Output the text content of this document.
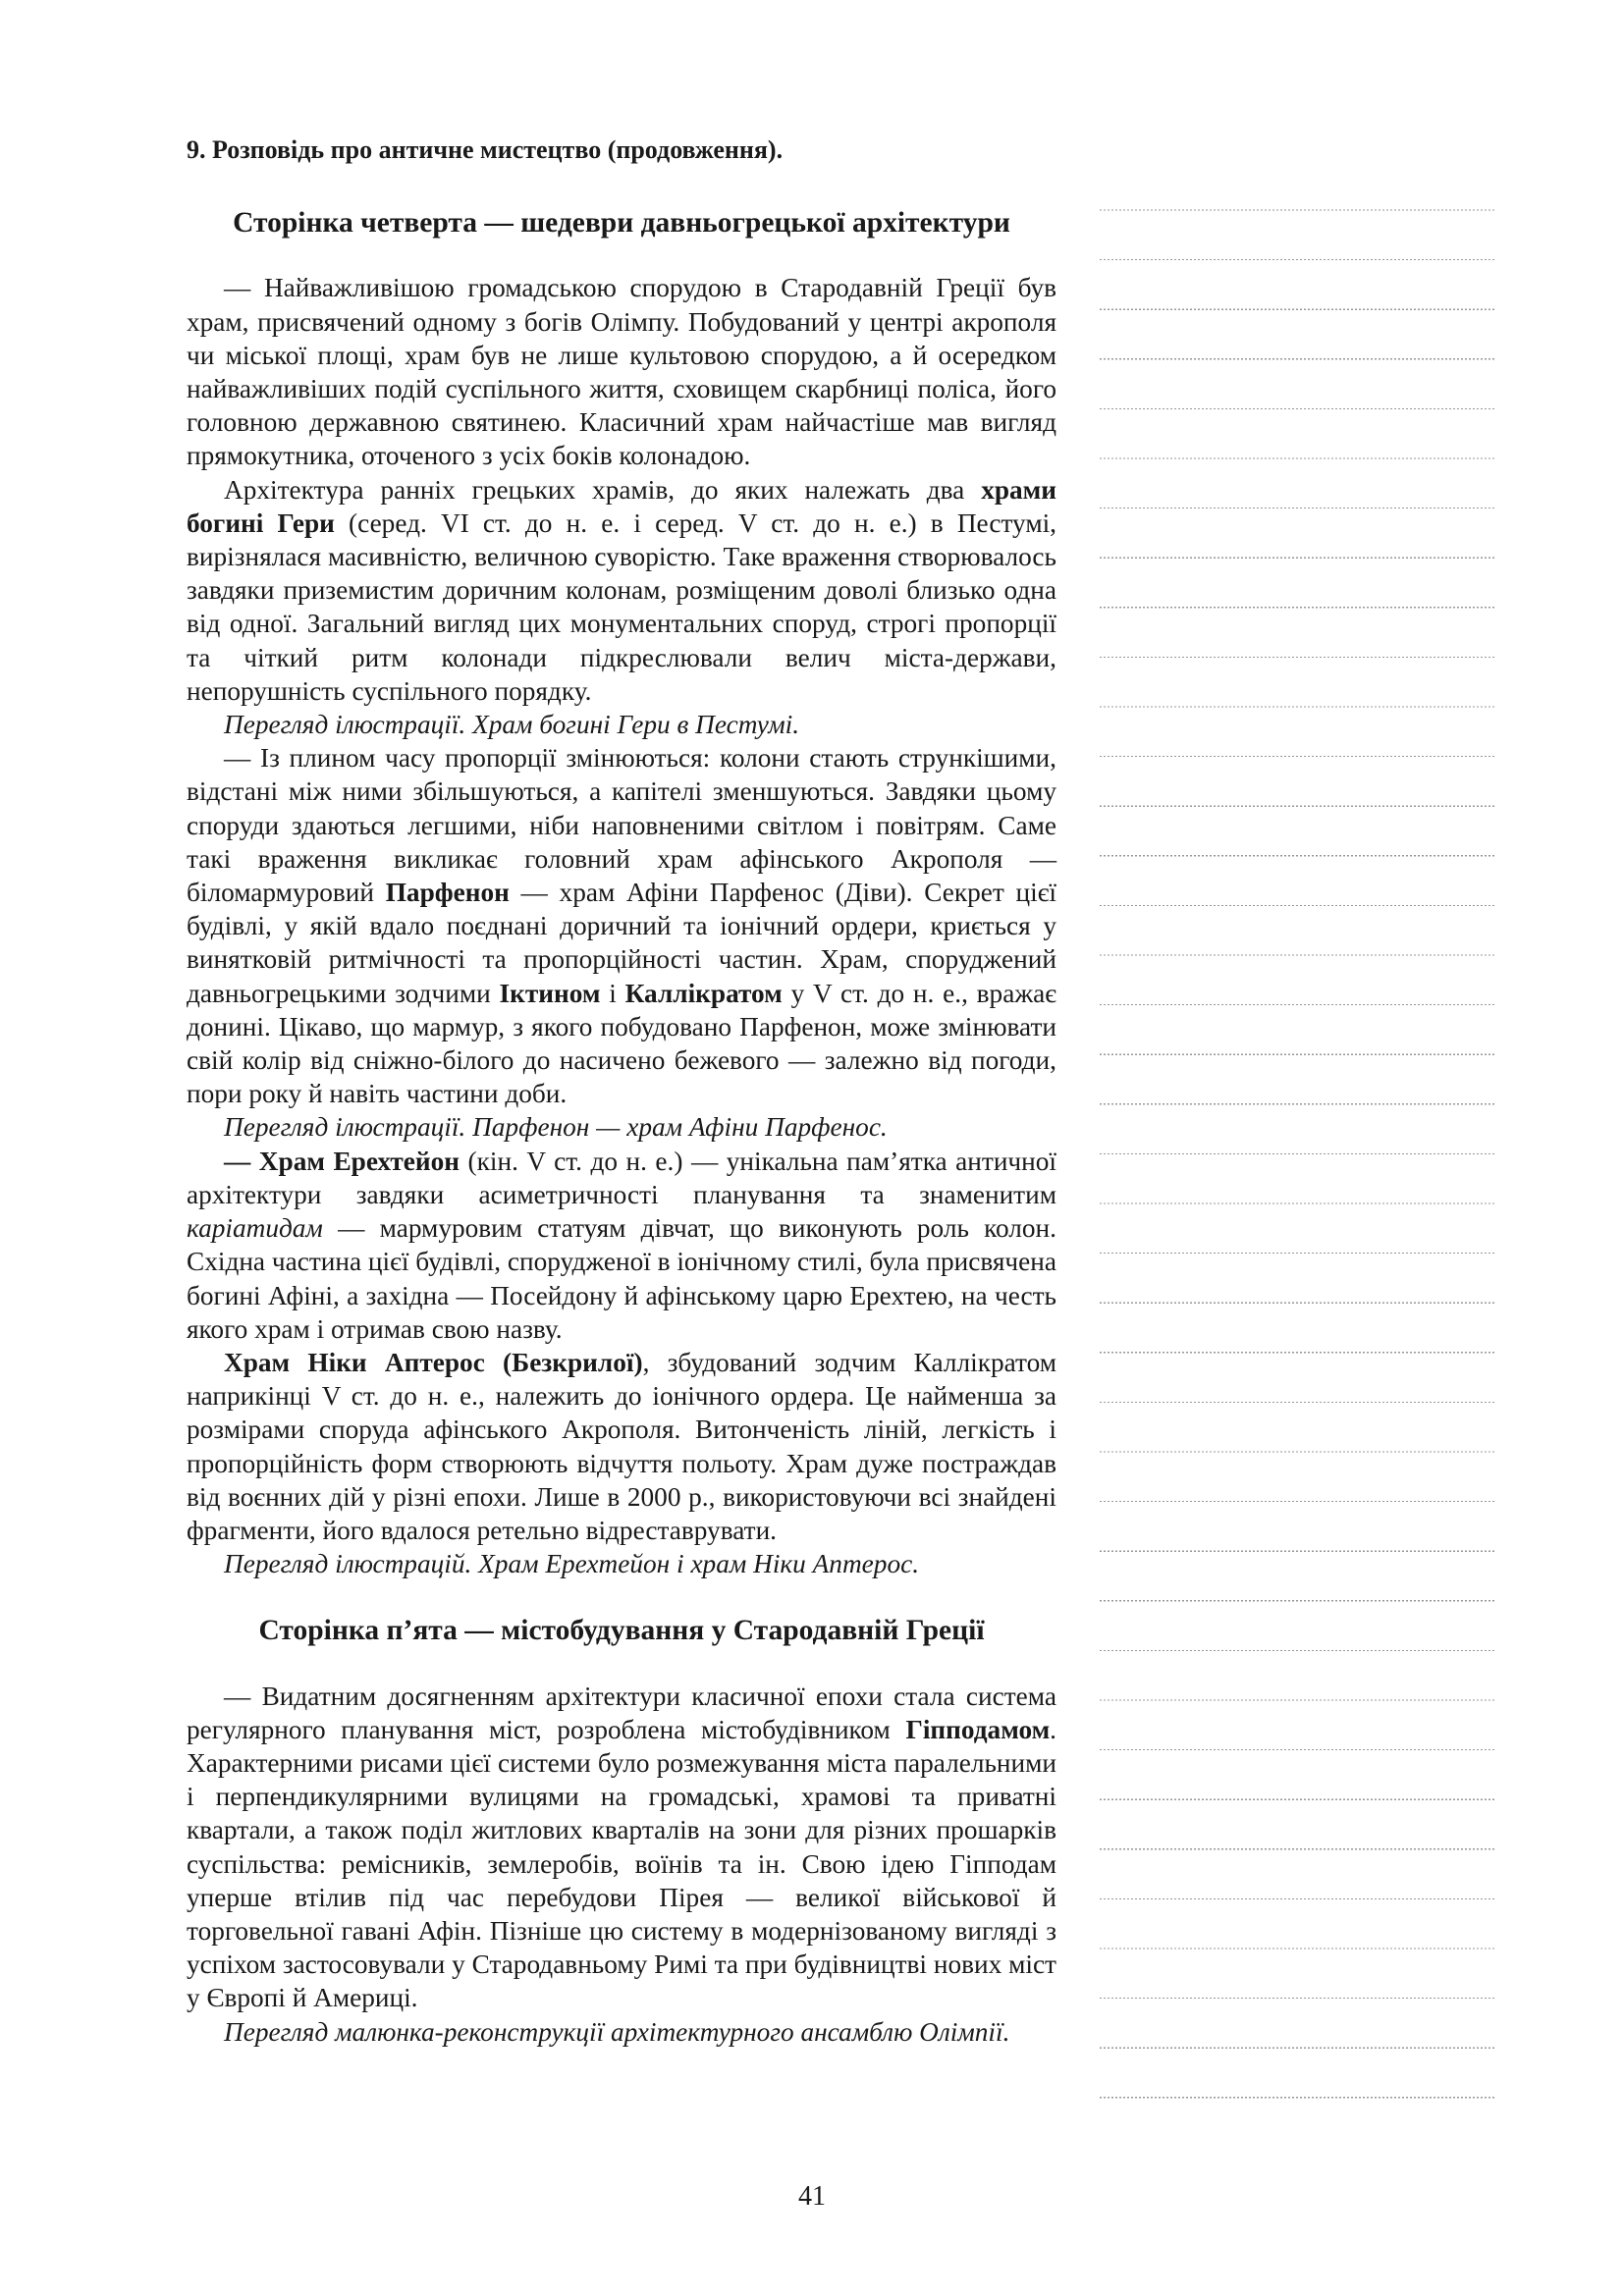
9. Розповідь про античне мистецтво (продовження).

Сторінка четверта — шедеври давньогрецької архітектури

— Найважливішою громадською спорудою в Стародавній Греції був храм, присвячений одному з богів Олімпу. Побудований у центрі акрополя чи міської площі, храм був не лише культовою спорудою, а й осередком найважливіших подій суспільного життя, сховищем скарбниці поліса, його головною державною святинею. Класичний храм найчастіше мав вигляд прямокутника, оточеного з усіх боків колонадою.

Архітектура ранніх грецьких храмів, до яких належать два храми богині Гери (серед. VI ст. до н. е. і серед. V ст. до н. е.) в Пестумі, вирізнялася масивністю, величною суворістю. Таке враження створювалось завдяки приземистим доричним колонам, розміщеним доволі близько одна від одної. Загальний вигляд цих монументальних споруд, строгі пропорції та чіткий ритм колонади підкреслювали велич міста-держави, непорушність суспільного порядку.

Перегляд ілюстрації. Храм богині Гери в Пестумі.

— Із плином часу пропорції змінюються: колони стають стрункішими, відстані між ними збільшуються, а капітелі зменшуються. Завдяки цьому споруди здаються легшими, ніби наповненими світлом і повітрям. Саме такі враження викликає головний храм афінського Акрополя — біломармуровий Парфенон — храм Афіни Парфенос (Діви). Секрет цієї будівлі, у якій вдало поєднані доричний та іонічний ордери, криється у винятковій ритмічності та пропорційності частин. Храм, споруджений давньогрецькими зодчими Іктином і Каллікратом у V ст. до н. е., вражає донині. Цікаво, що мармур, з якого побудовано Парфенон, може змінювати свій колір від сніжно-білого до насичено бежевого — залежно від погоди, пори року й навіть частини доби.

Перегляд ілюстрації. Парфенон — храм Афіни Парфенос.

— Храм Ерехтейон (кін. V ст. до н. е.) — унікальна пам’ятка античної архітектури завдяки асиметричності планування та знаменитим каріатидам — мармуровим статуям дівчат, що виконують роль колон. Східна частина цієї будівлі, спорудженої в іонічному стилі, була присвячена богині Афіні, а західна — Посейдону й афінському царю Ерехтею, на честь якого храм і отримав свою назву.

Храм Ніки Аптерос (Безкрилої), збудований зодчим Каллікратом наприкінці V ст. до н. е., належить до іонічного ордера. Це найменша за розмірами споруда афінського Акрополя. Витонченість ліній, легкість і пропорційність форм створюють відчуття польоту. Храм дуже постраждав від воєнних дій у різні епохи. Лише в 2000 р., використовуючи всі знайдені фрагменти, його вдалося ретельно відреставрувати.

Перегляд ілюстрацій. Храм Ерехтейон і храм Ніки Аптерос.

Сторінка п’ята — містобудування у Стародавній Греції

— Видатним досягненням архітектури класичної епохи стала система регулярного планування міст, розроблена містобудівником Гіпподамом. Характерними рисами цієї системи було розмежування міста паралельними і перпендикулярними вулицями на громадські, храмові та приватні квартали, а також поділ житлових кварталів на зони для різних прошарків суспільства: ремісників, землеробів, воїнів та ін. Свою ідею Гіпподам уперше втілив під час перебудови Пірея — великої військової й торговельної гавані Афін. Пізніше цю систему в модернізованому вигляді з успіхом застосовували у Стародавньому Римі та при будівництві нових міст у Європі й Америці.

Перегляд малюнка-реконструкції архітектурного ансамблю Олімпії.

41
